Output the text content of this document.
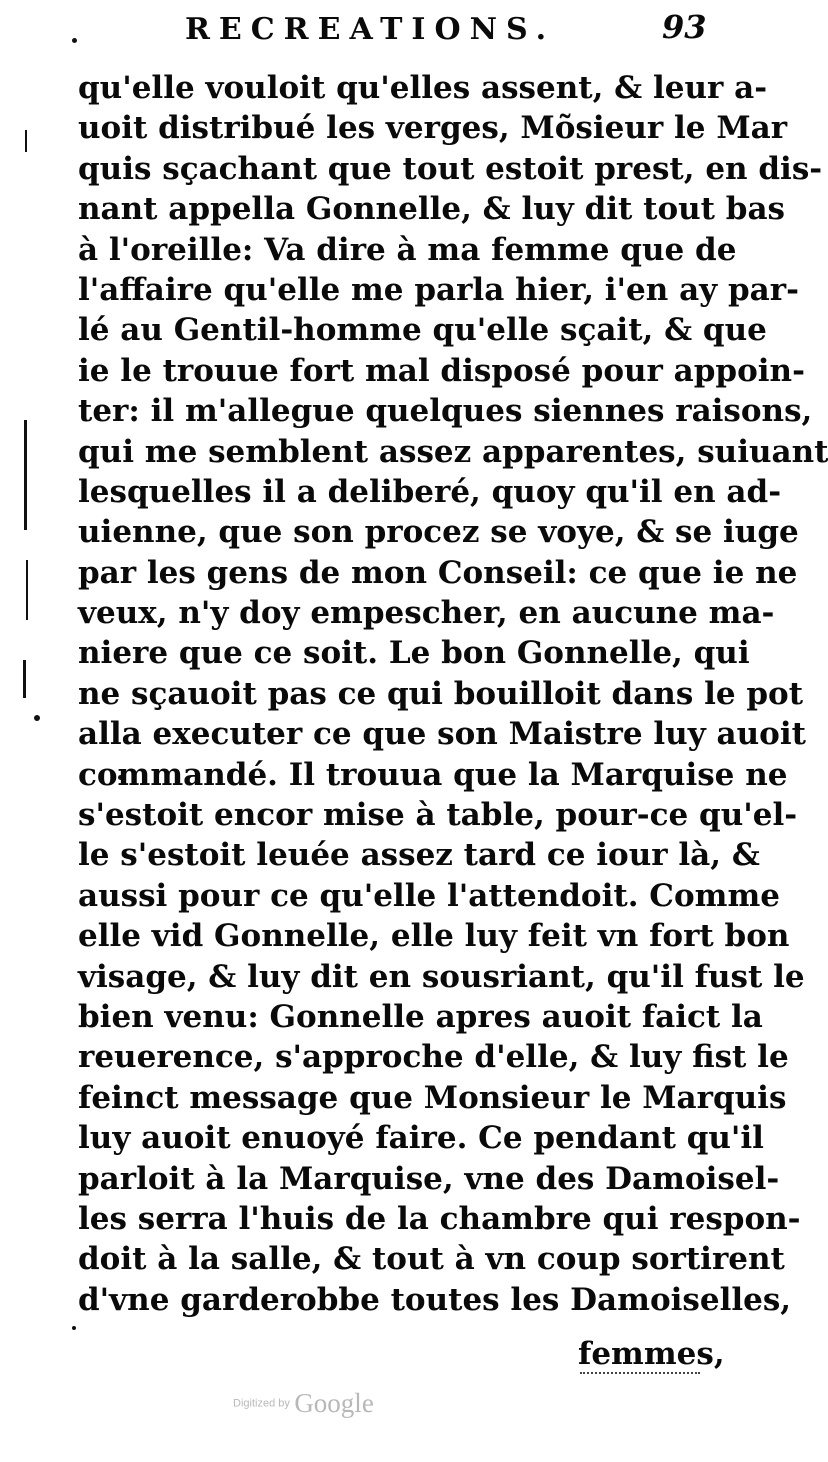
RECREATIONS.	93
qu'elle vouloit qu'elles assent, & leur a-
uoit distribué les verges, Mõsieur le Mar
quis sçachant que tout estoit prest, en dis-
nant appella Gonnelle, & luy dit tout bas
à l'oreille: Va dire à ma femme que de
l'affaire qu'elle me parla hier, i'en ay par-
lé au Gentil-homme qu'elle sçait, & que
ie le trouue fort mal disposé pour appoin-
ter: il m'allegue quelques siennes raisons,
qui me semblent assez apparentes, suiuant
lesquelles il a deliberé, quoy qu'il en ad-
uienne, que son procez se voye, & se iuge
par les gens de mon Conseil: ce que ie ne
veux, n'y doy empescher, en aucune ma-
niere que ce soit. Le bon Gonnelle, qui
ne sçauoit pas ce qui bouilloit dans le pot
alla executer ce que son Maistre luy auoit
commandé. Il trouua que la Marquise ne
s'estoit encor mise à table, pour-ce qu'el-
le s'estoit leuée assez tard ce iour là, &
aussi pour ce qu'elle l'attendoit. Comme
elle vid Gonnelle, elle luy feit vn fort bon
visage, & luy dit en sousriant, qu'il fust le
bien venu: Gonnelle apres auoit faict la
reuerence, s'approche d'elle, & luy fist le
feinct message que Monsieur le Marquis
luy auoit enuoyé faire. Ce pendant qu'il
parloit à la Marquise, vne des Damoisel-
les serra l'huis de la chambre qui respon-
doit à la salle, & tout à vn coup sortirent
d'vne garderobbe toutes les Damoiselles,
femmes,
Digitized by Google
